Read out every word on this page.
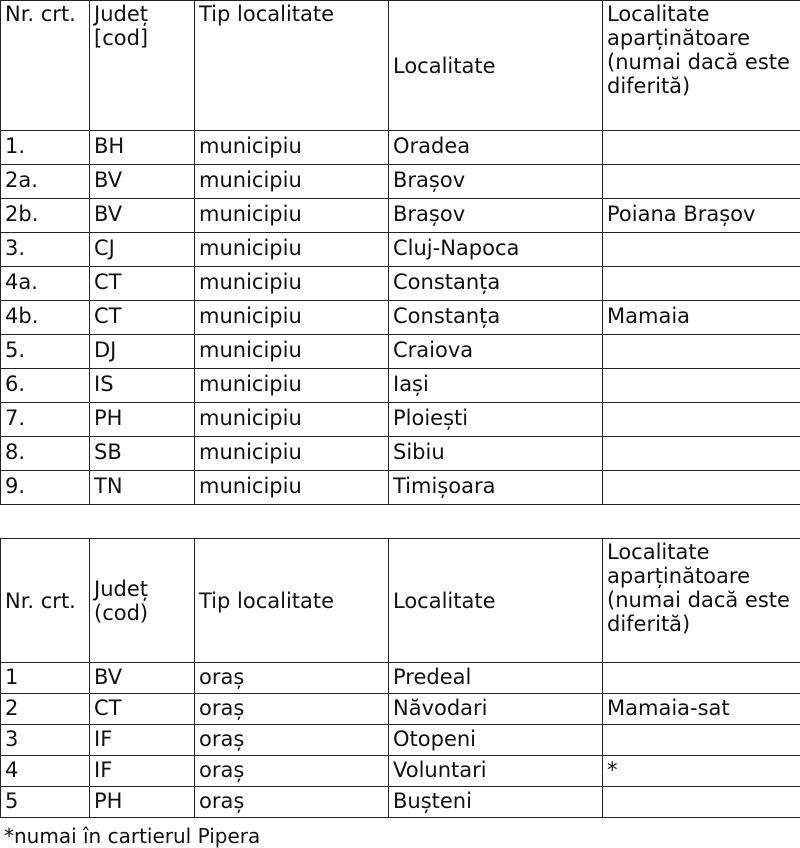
Nr. crt.	Județ [cod]	Tip localitate	Localitate	Localitate aparținătoare (numai dacă este diferită)
1.	BH	municipiu	Oradea	
2a.	BV	municipiu	Brașov	
2b.	BV	municipiu	Brașov	Poiana Brașov
3.	CJ	municipiu	Cluj-Napoca	
4a.	CT	municipiu	Constanța	
4b.	CT	municipiu	Constanța	Mamaia
5.	DJ	municipiu	Craiova	
6.	IS	municipiu	Iași	
7.	PH	municipiu	Ploiești	
8.	SB	municipiu	Sibiu	
9.	TN	municipiu	Timișoara	
Nr. crt.	Județ (cod)	Tip localitate	Localitate	Localitate aparținătoare (numai dacă este diferită)
1	BV	oraș	Predeal	
2	CT	oraș	Năvodari	Mamaia-sat
3	IF	oraș	Otopeni	
4	IF	oraș	Voluntari	*
5	PH	oraș	Bușteni	
*numai în cartierul Pipera
